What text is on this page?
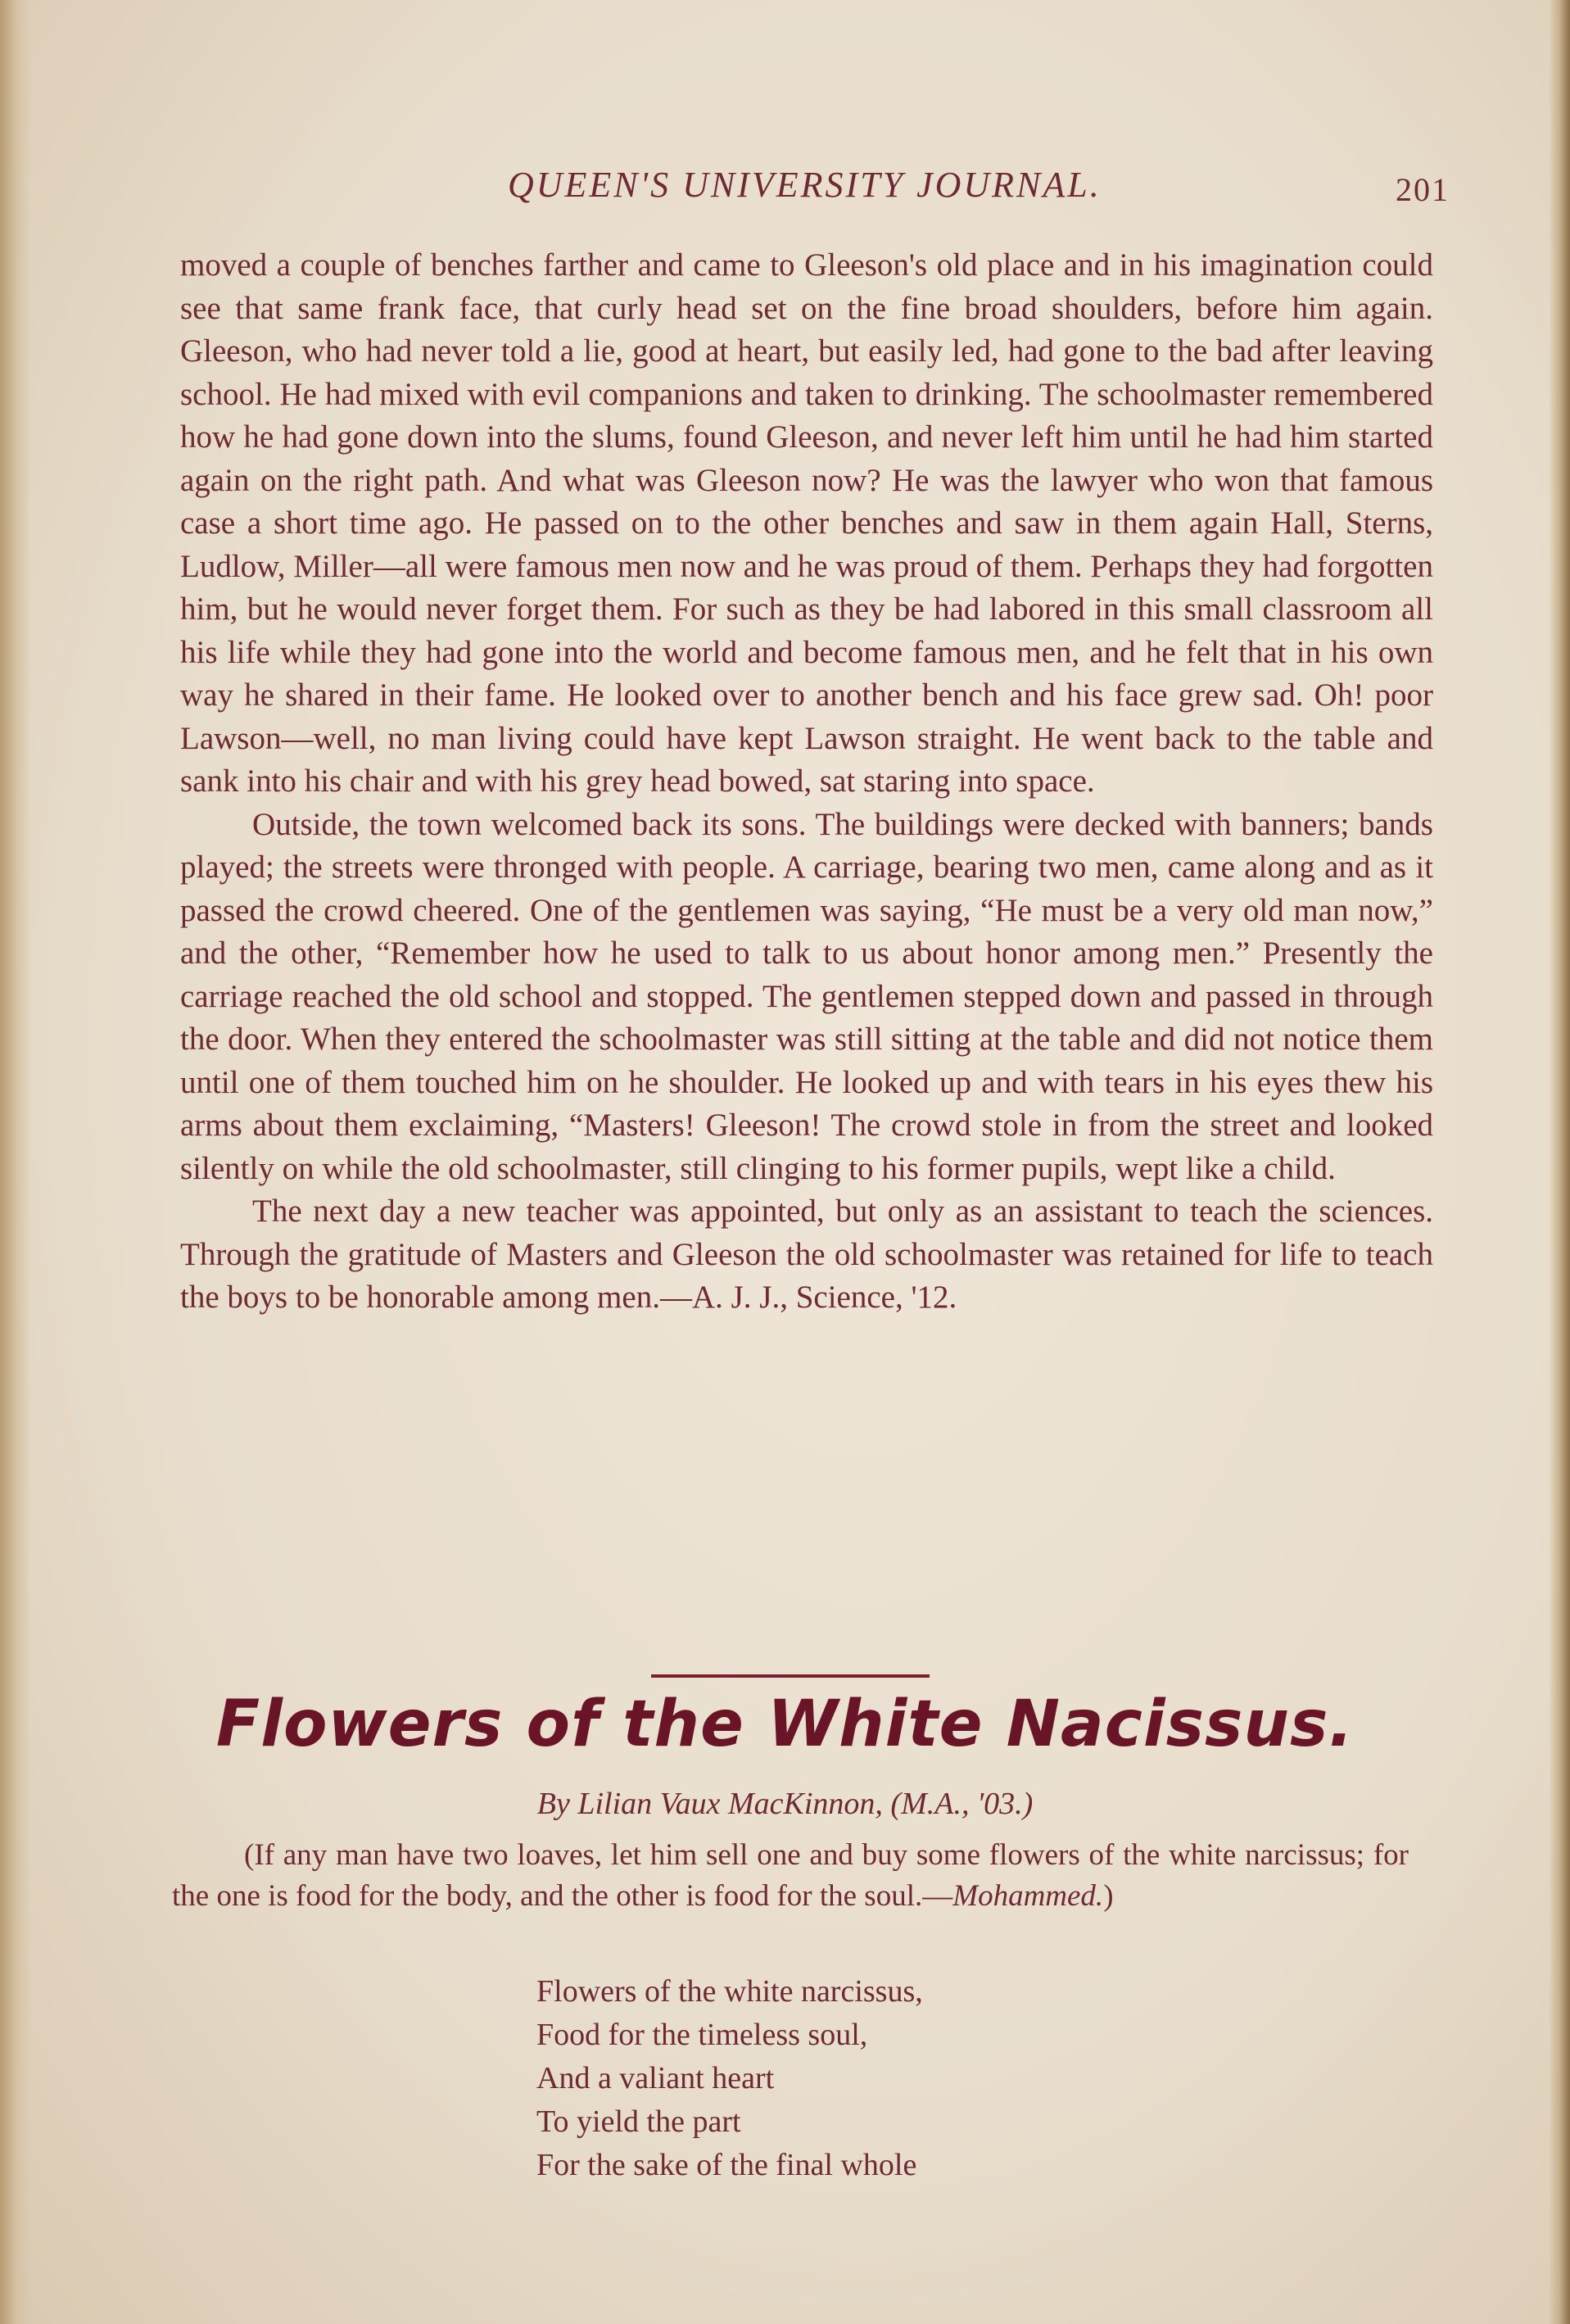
QUEEN'S UNIVERSITY JOURNAL.	201

moved a couple of benches farther and came to Gleeson's old place and in his imagination could see that same frank face, that curly head set on the fine broad shoulders, before him again. Gleeson, who had never told a lie, good at heart, but easily led, had gone to the bad after leaving school. He had mixed with evil companions and taken to drinking. The schoolmaster remembered how he had gone down into the slums, found Gleeson, and never left him until he had him started again on the right path. And what was Gleeson now? He was the lawyer who won that famous case a short time ago. He passed on to the other benches and saw in them again Hall, Sterns, Ludlow, Miller—all were famous men now and he was proud of them. Perhaps they had forgotten him, but he would never forget them. For such as they be had labored in this small classroom all his life while they had gone into the world and become famous men, and he felt that in his own way he shared in their fame. He looked over to another bench and his face grew sad. Oh! poor Lawson—well, no man living could have kept Lawson straight. He went back to the table and sank into his chair and with his grey head bowed, sat staring into space.

Outside, the town welcomed back its sons. The buildings were decked with banners; bands played; the streets were thronged with people. A carriage, bearing two men, came along and as it passed the crowd cheered. One of the gentlemen was saying, “He must be a very old man now,” and the other, “Remember how he used to talk to us about honor among men.” Presently the carriage reached the old school and stopped. The gentlemen stepped down and passed in through the door. When they entered the schoolmaster was still sitting at the table and did not notice them until one of them touched him on he shoulder. He looked up and with tears in his eyes thew his arms about them exclaiming, “Masters! Gleeson! The crowd stole in from the street and looked silently on while the old schoolmaster, still clinging to his former pupils, wept like a child.

The next day a new teacher was appointed, but only as an assistant to teach the sciences. Through the gratitude of Masters and Gleeson the old schoolmaster was retained for life to teach the boys to be honorable among men.—A. J. J., Science, '12.

Flowers of the White Nacissus.
By Lilian Vaux MacKinnon, (M.A., '03.)
(If any man have two loaves, let him sell one and buy some flowers of the white narcissus; for the one is food for the body, and the other is food for the soul.—Mohammed.)
Flowers of the white narcissus,
Food for the timeless soul,
And a valiant heart
To yield the part
For the sake of the final whole
